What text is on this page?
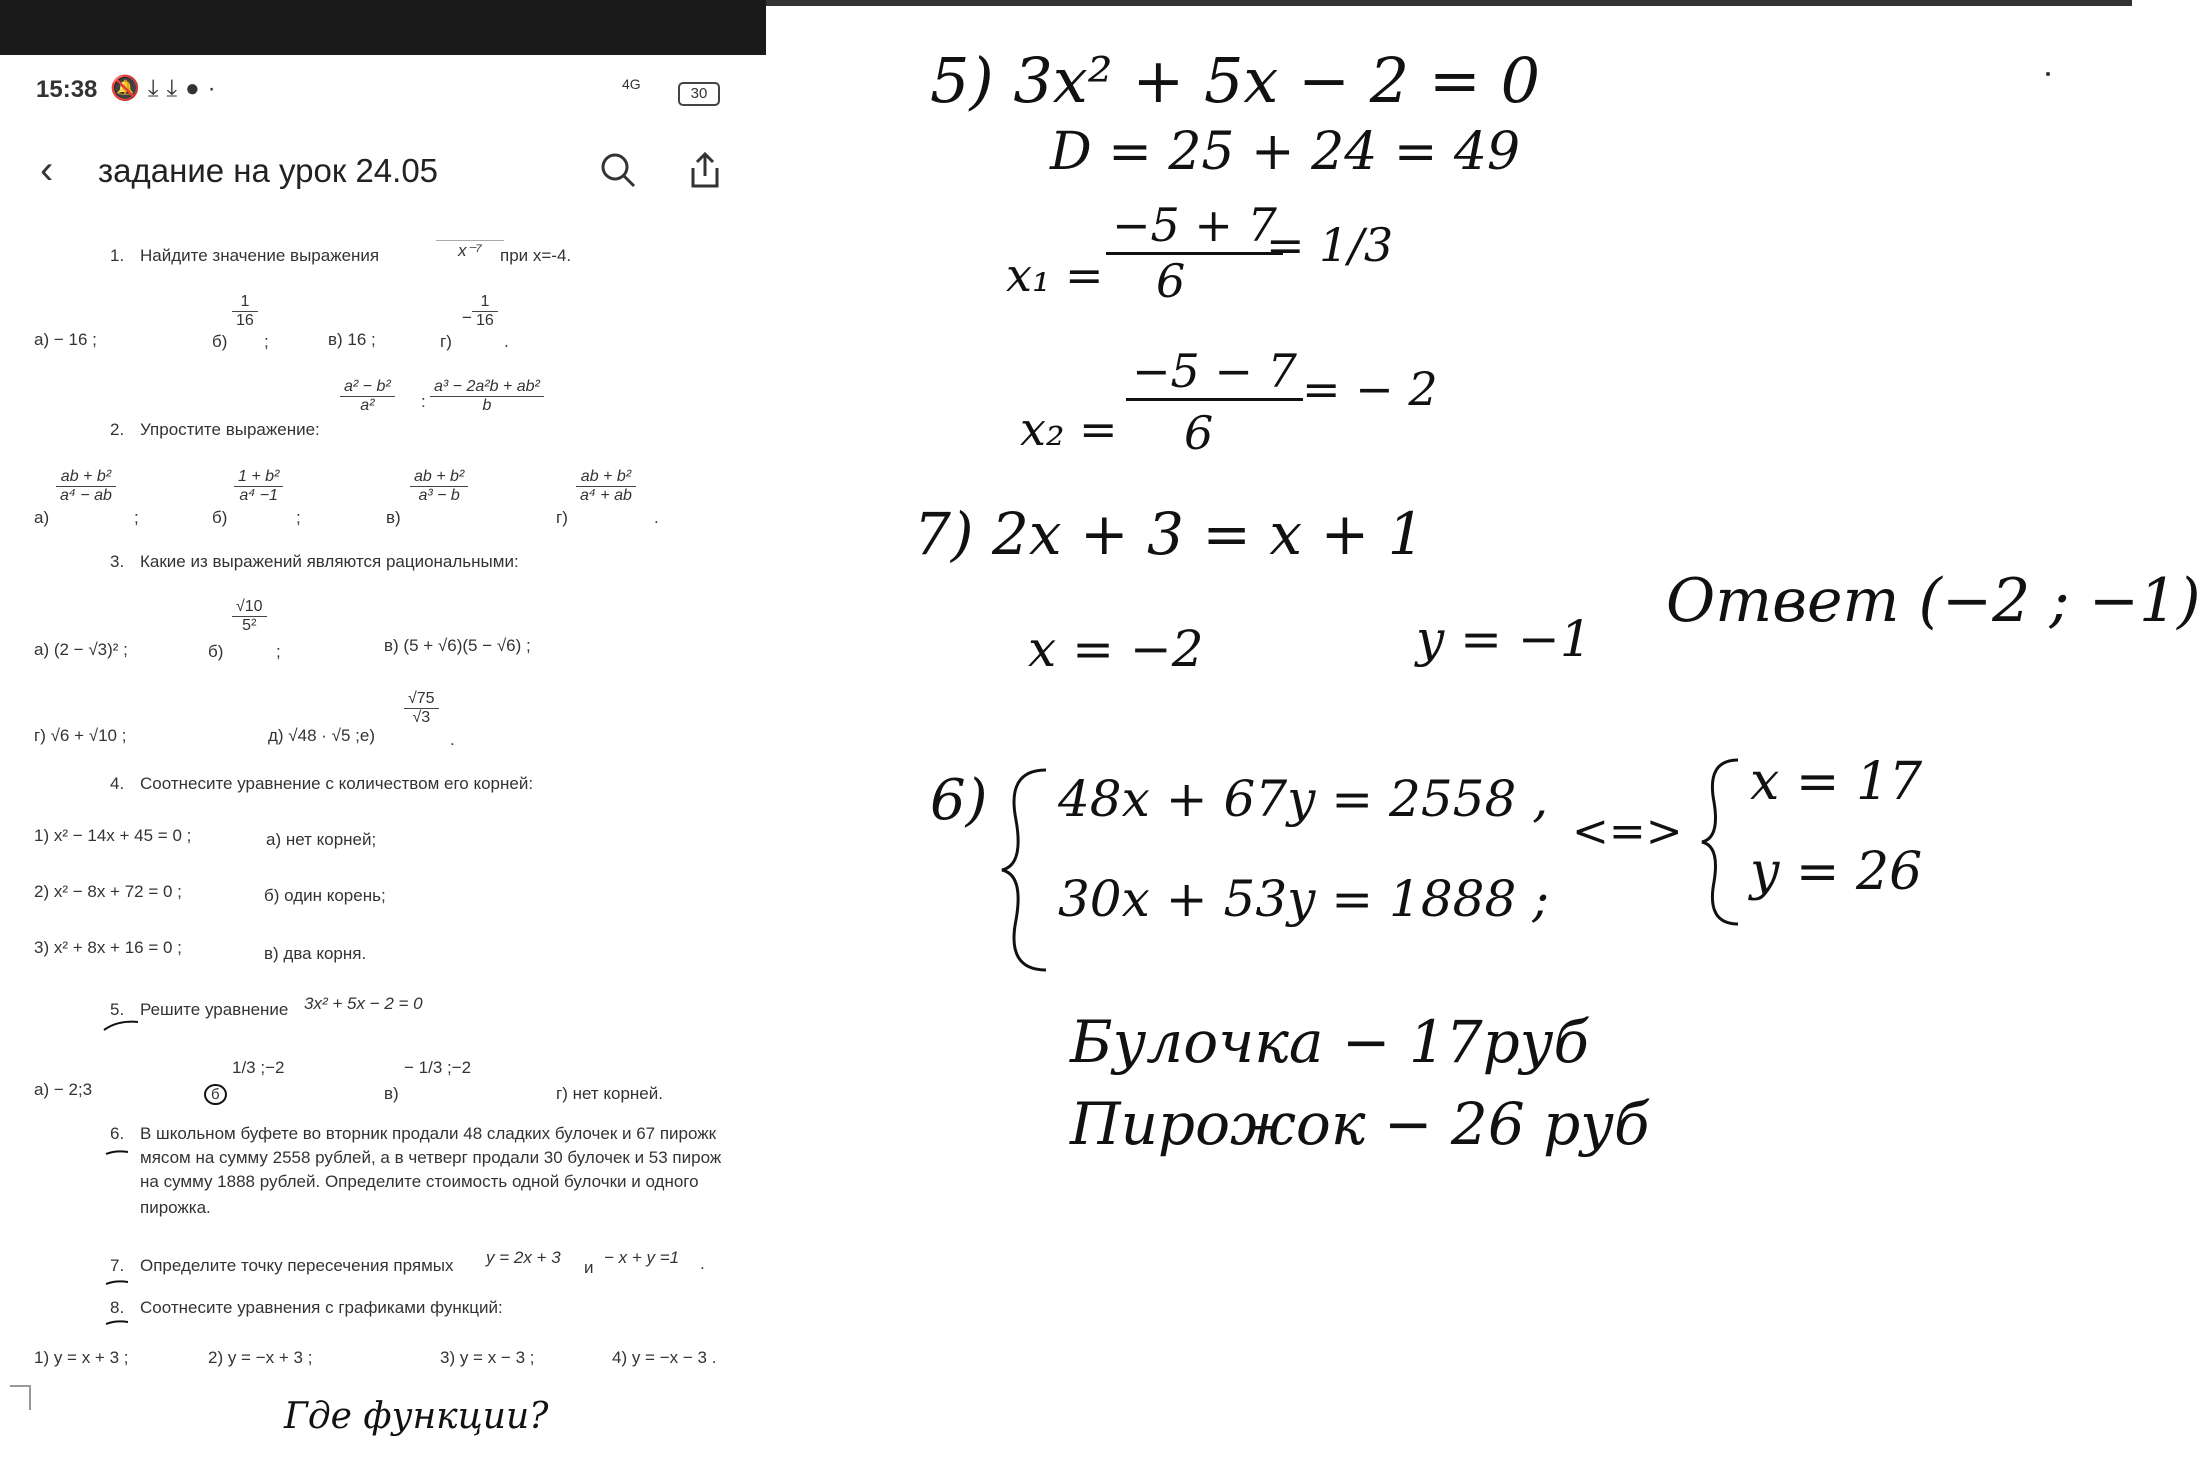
15:38 🔕⤓⤓●·	4G
30
‹ задание на урок 24.05
1. Найдите значение выражения	x⁻⁷	при x=-4.
а) − 16 ;	б)
$\frac{1}{16}$
;	в) 16 ;	г)
− $\frac{1}{16}$
.
$\frac{\text{a² − b²}}{\text{a²}}$ : $\frac{\text{a³ − 2a²b + ab²}}{b}$
2. Упростите выражение:
а)
$\frac{\text{ab + b²}}{\text{a⁴ − ab}}$
;	б)
$\frac{\text{1 + b²}}{\text{a⁴ −1}}$
;	в)
$\frac{\text{ab + b²}}{\text{a³ − b}}$
г)
$\frac{\text{ab + b²}}{\text{a⁴ + ab}}$
.
3. Какие из выражений являются рациональными:
а) (2 − √3)² ;	б)
$\frac{√10}{\text{5²}}$
;	в) (5 + √6)(5 − √6) ;
г) √6 + √10 ;	д) √48 · √5 ;е)
$\frac{√75}{√3}$
.
4. Соотнесите уравнение с количеством его корней:
1) x² − 14x + 45 = 0 ;	а) нет корней;
2) x² − 8x + 72 = 0 ;	б) один корень;
3) x² + 8x + 16 = 0 ;	в) два корня.
5. Решите уравнение 3x² + 5x − 2 = 0
а) − 2;3	б
1/3 ;−2
в)
− 1/3 ;−2
г) нет корней.
6. В школьном буфете во вторник продали 48 сладких булочек и 67 пирожк
мясом на сумму 2558 рублей, а в четверг продали 30 булочек и 53 пирож
на сумму 1888 рублей. Определите стоимость одной булочки и одного
пирожка.
7. Определите точку пересечения прямых y = 2x + 3
и
− x + y =1 .
8. Соотнесите уравнения с графиками функций:
1) y = x + 3 ;	2) y = −x + 3 ;	3) y = x − 3 ;	4) y = −x − 3 .
Где функции?
5) 3x² + 5x − 2 = 0
D = 25 + 24 = 49
x₁ =
−5 + 7
6
= 1/3
x₂ =
−5 − 7
6
= − 2
7) 2x + 3 = x + 1
x = −2	y = −1
Ответ (−2 ; −1)
6) 48x + 67y = 2558 ,
30x + 53y = 1888 ;
<=>
x = 17
y = 26
Булочка − 17руб
Пирожок − 26 руб
